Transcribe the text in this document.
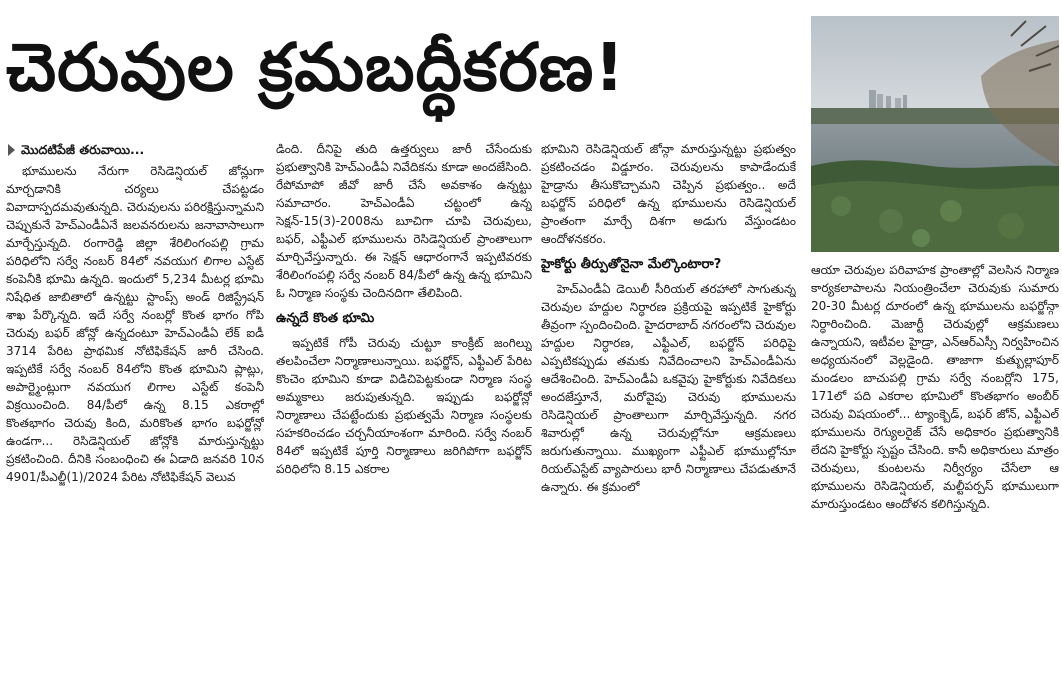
చెరువుల క్రమబద్ధీకరణ!
మొదటిపేజీ తరువాయి...

భూములను నేరుగా రెసిడెన్షియల్ జోన్లుగా మార్చడానికి చర్యలు చేపట్టడం వివాదాస్పదమవుతున్నది. చెరువులను పరిరక్షిస్తున్నామని చెప్పుకునే హెచ్ఎండీఏనే జలవనరులను జనావాసాలుగా మార్చేస్తున్నది. రంగారెడ్డి జిల్లా శేరిలింగంపల్లి గ్రామ పరిధిలోని సర్వే నంబర్ 84లో నవయుగ లిగాల ఎస్టేట్ కంపెనీకి భూమి ఉన్నది. ఇందులో 5,234 మీటర్ల భూమి నిషేధిత జాబితాలో ఉన్నట్టు స్టాంప్స్ అండ్ రిజిస్ట్రేషన్ శాఖ పేర్కొన్నది. ఇదే సర్వే నంబర్లో కొంత భాగం గోపి చెరువు బఫర్ జోన్లో ఉన్నదంటూ హెచ్ఎండీఏ లేక్ ఐడీ 3714 పేరిట ప్రాథమిక నోటిఫికేషన్ జారీ చేసింది. ఇప్పటికే సర్వే నంబర్ 84లోని కొంత భూమిని ప్లాట్లు, అపార్ట్మెంట్లుగా నవయుగ లిగాల ఎస్టేట్ కంపెనీ విక్రయించింది. 84/పీలో ఉన్న 8.15 ఎకరాల్లో కొంతభాగం చెరువు కింది, మరికొంత భాగం బఫర్జోన్లో ఉండగా... రెసిడెన్షియల్ జోన్లోకి మారుస్తున్నట్టు ప్రకటించింది. దీనికి సంబంధించి ఈ ఏడాది జనవరి 10న 4901/పీఎల్జీ(1)/2024 పేరిట నోటిఫికేషన్ వెలువ

డింది. దీనిపై తుది ఉత్తర్వులు జారీ చేసేందుకు ప్రభుత్వానికి హెచ్ఎండీఏ నివేదికను కూడా అందజేసింది. రేపోమాపో జీవో జారీ చేసే అవకాశం ఉన్నట్టు సమాచారం. హెచ్ఎండీఏ చట్టంలో ఉన్న సెక్షన్-15(3)-2008ను బూచిగా చూపి చెరువులు, బఫర్, ఎఫ్టీఎల్ భూములను రెసిడెన్షియల్ ప్రాంతాలుగా మార్చివేస్తున్నారు. ఈ సెక్షన్ ఆధారంగానే ఇప్పటివరకు శేరిలింగంపల్లి సర్వే నంబర్ 84/పీలో ఉన్న ఉన్న భూమిని ఓ నిర్మాణ సంస్థకు చెందినదిగా తేలిపింది.

ఉన్నదే కొంత భూమి

ఇప్పటికే గోపీ చెరువు చుట్టూ కాంక్రీట్ జంగిల్ను తలపించేలా నిర్మాణాలున్నాయి. బఫర్జోన్, ఎఫ్టీఎల్ పేరిట కొంచెం భూమిని కూడా విడిచిపెట్టకుండా నిర్మాణ సంస్థ అమ్మకాలు జరుపుతున్నది. ఇప్పుడు బఫర్జోన్లో నిర్మాణాలు చేపట్టేందుకు ప్రభుత్వమే నిర్మాణ సంస్థలకు సహకరించడం చర్చనీయాంశంగా మారింది. సర్వే నంబర్ 84లో ఇప్పటికే పూర్తి నిర్మాణాలు జరిగిపోగా బఫర్జోన్ పరిధిలోని 8.15 ఎకరాల

భూమిని రెసిడెన్షియల్ జోన్గా మారుస్తున్నట్టు ప్రభుత్వం ప్రకటించడం విడ్డూరం. చెరువులను కాపాడేందుకే హైడ్రాను తీసుకొచ్చామని చెప్పిన ప్రభుత్వం.. అదే బఫర్జోన్ పరిధిలో ఉన్న భూములను రెసిడెన్షియల్ ప్రాంతంగా మార్చే దిశగా అడుగు వేస్తుండటం ఆందోళనకరం.

హైకోర్టు తీర్పుతోనైనా మేల్కొంటారా?

హెచ్ఎండీఏ డెయిలీ సీరియల్ తరహాలో సాగుతున్న చెరువుల హద్దుల నిర్ధారణ ప్రక్రియపై ఇప్పటికే హైకోర్టు తీవ్రంగా స్పందించింది. హైదరాబాద్ నగరంలోని చెరువుల హద్దుల నిర్ధారణ, ఎఫ్టీఎల్, బఫర్జోన్ పరిధిపై ఎప్పటికప్పుడు తమకు నివేదించాలని హెచ్ఎండీఏను ఆదేశించింది. హెచ్ఎండీఏ ఒకవైపు హైకోర్టుకు నివేదికలు అందజేస్తూనే, మరోవైపు చెరువు భూములను రెసిడెన్షియల్ ప్రాంతాలుగా మార్చివేస్తున్నది. నగర శివారుల్లో ఉన్న చెరువుల్లోనూ ఆక్రమణలు జరుగుతున్నాయి. ముఖ్యంగా ఎఫ్టీఎల్ భూముల్లోనూ రియల్ఎస్టేట్ వ్యాపారులు భారీ నిర్మాణాలు చేపడుతూనే ఉన్నారు. ఈ క్రమంలో

ఆయా చెరువుల పరివాహక ప్రాంతాల్లో వెలసిన నిర్మాణ కార్యకలాపాలను నియంత్రించేలా చెరువుకు సుమారు 20-30 మీటర్ల దూరంలో ఉన్న భూములను బఫర్జోన్గా నిర్ధారించింది. మెజార్టీ చెరువుల్లో ఆక్రమణలు ఉన్నాయని, ఇటీవల హైడ్రా, ఎన్ఆర్ఎస్సీ నిర్వహించిన అధ్యయనంలో వెల్లడైంది. తాజాగా కుత్బుల్లాపూర్ మండలం బాచుపల్లి గ్రామ సర్వే నంబర్లోని 175, 171లో పది ఎకరాల భూమిలో కొంతభాగం అంబీర్ చెరువు విషయంలో... ట్యాంక్బెడ్, బఫర్ జోన్, ఎఫ్టీఎల్ భూములను రెగ్యులరైజ్ చేసే అధికారం ప్రభుత్వానికి లేదని హైకోర్టు స్పష్టం చేసింది. కానీ అధికారులు మాత్రం చెరువులు, కుంటలను నిర్వీర్యం చేసేలా ఆ భూములను రెసిడెన్షియల్, మల్టీపర్పస్ భూములుగా మారుస్తుండటం ఆందోళన కలిగిస్తున్నది.
